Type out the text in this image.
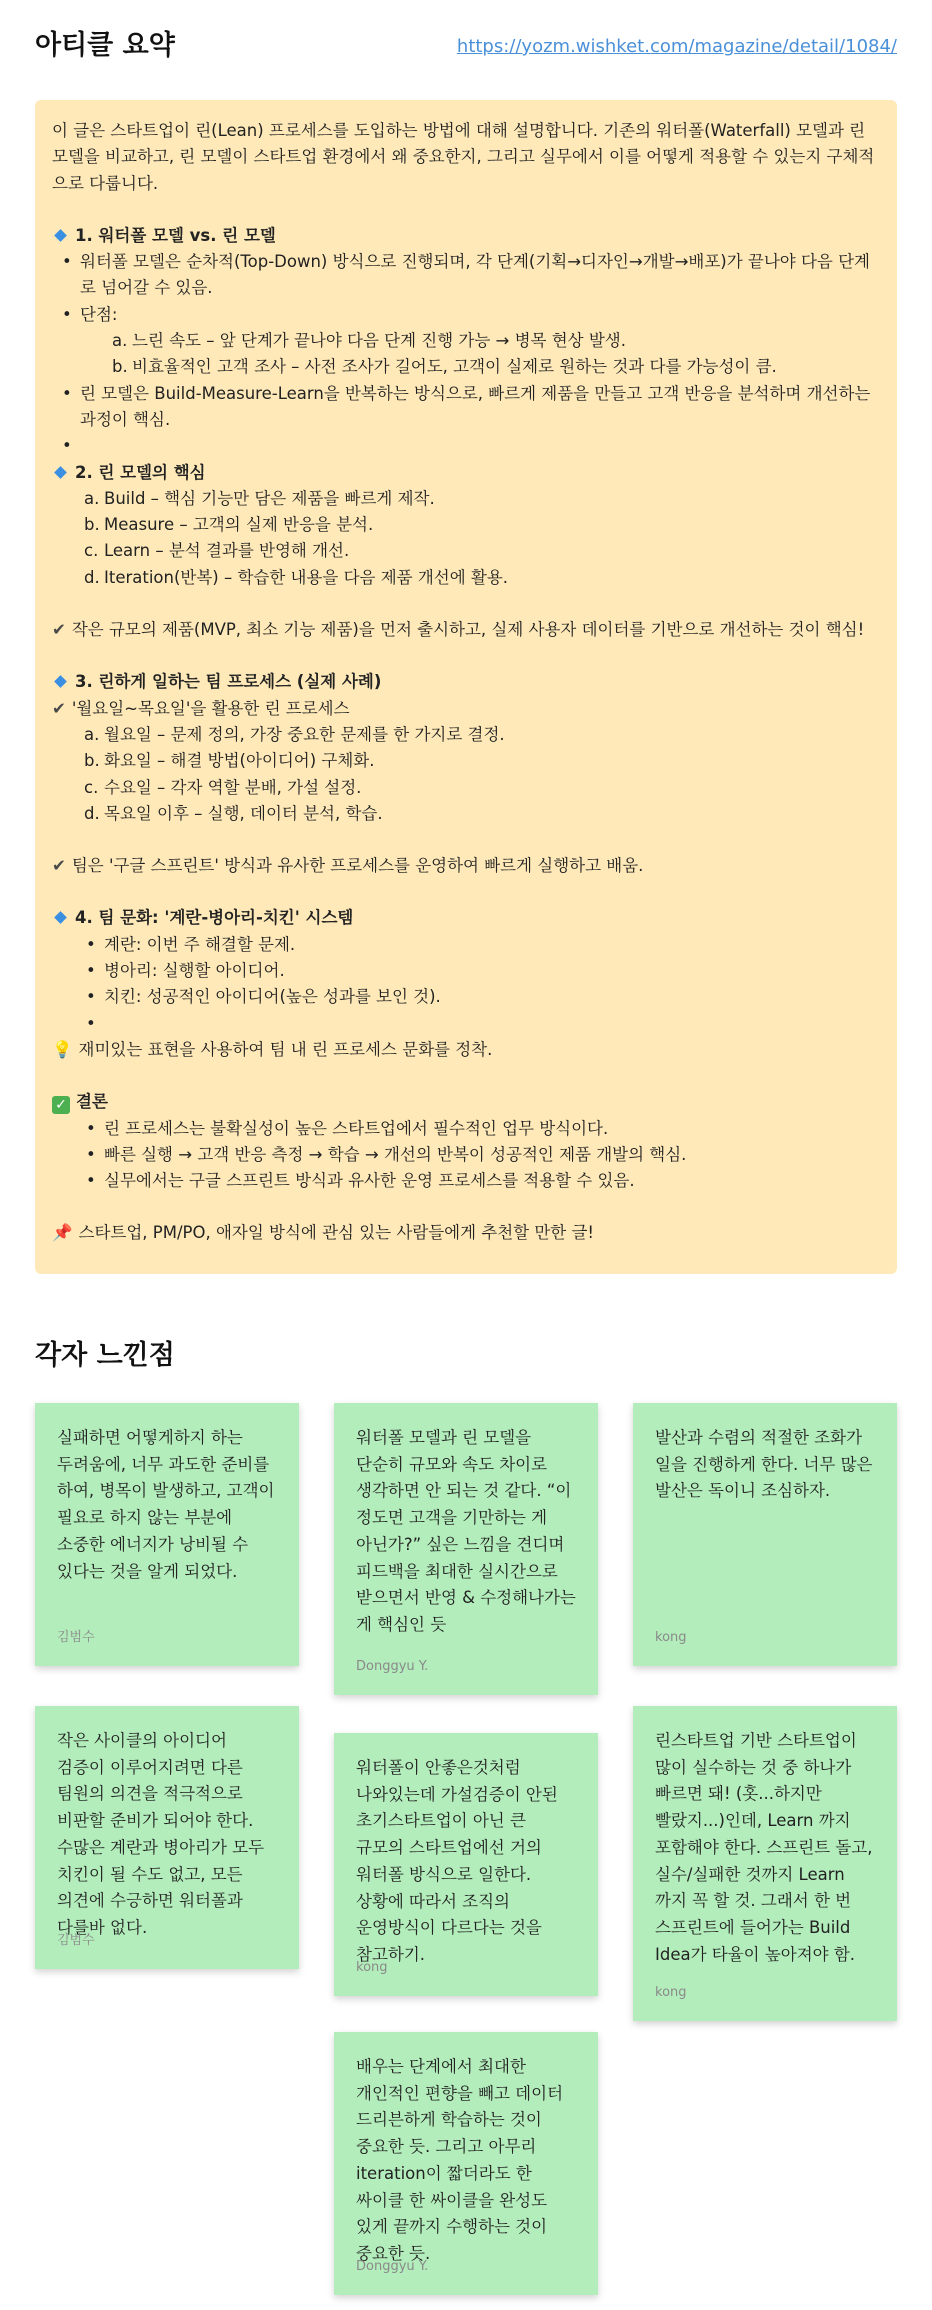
아티클 요약	https://yozm.wishket.com/magazine/detail/1084/

이 글은 스타트업이 린(Lean) 프로세스를 도입하는 방법에 대해 설명합니다. 기존의 워터폴(Waterfall) 모델과 린 모델을 비교하고, 린 모델이 스타트업 환경에서 왜 중요한지, 그리고 실무에서 이를 어떻게 적용할 수 있는지 구체적으로 다룹니다.

1. 워터폴 모델 vs. 린 모델

• 워터폴 모델은 순차적(Top-Down) 방식으로 진행되며, 각 단계(기획→디자인→개발→배포)가 끝나야 다음 단계로 넘어갈 수 있음.
• 단점:
a. 느린 속도 – 앞 단계가 끝나야 다음 단계 진행 가능 → 병목 현상 발생.
b. 비효율적인 고객 조사 – 사전 조사가 길어도, 고객이 실제로 원하는 것과 다를 가능성이 큼.
• 린 모델은 Build-Measure-Learn을 반복하는 방식으로, 빠르게 제품을 만들고 고객 반응을 분석하며 개선하는 과정이 핵심.
•

2. 린 모델의 핵심

a. Build – 핵심 기능만 담은 제품을 빠르게 제작.
b. Measure – 고객의 실제 반응을 분석.
c. Learn – 분석 결과를 반영해 개선.
d. Iteration(반복) – 학습한 내용을 다음 제품 개선에 활용.

✔ 작은 규모의 제품(MVP, 최소 기능 제품)을 먼저 출시하고, 실제 사용자 데이터를 기반으로 개선하는 것이 핵심!

3. 린하게 일하는 팀 프로세스 (실제 사례)

✔ '월요일~목요일'을 활용한 린 프로세스

a. 월요일 – 문제 정의, 가장 중요한 문제를 한 가지로 결정.
b. 화요일 – 해결 방법(아이디어) 구체화.
c. 수요일 – 각자 역할 분배, 가설 설정.
d. 목요일 이후 – 실행, 데이터 분석, 학습.

✔ 팀은 '구글 스프린트' 방식과 유사한 프로세스를 운영하여 빠르게 실행하고 배움.

4. 팀 문화: '계란-병아리-치킨' 시스템

• 계란: 이번 주 해결할 문제.
• 병아리: 실행할 아이디어.
• 치킨: 성공적인 아이디어(높은 성과를 보인 것).
•

💡 재미있는 표현을 사용하여 팀 내 린 프로세스 문화를 정착.

✓ 결론

• 린 프로세스는 불확실성이 높은 스타트업에서 필수적인 업무 방식이다.
• 빠른 실행 → 고객 반응 측정 → 학습 → 개선의 반복이 성공적인 제품 개발의 핵심.
• 실무에서는 구글 스프린트 방식과 유사한 운영 프로세스를 적용할 수 있음.

📌 스타트업, PM/PO, 애자일 방식에 관심 있는 사람들에게 추천할 만한 글!

각자 느낀점

실패하면 어떻게하지 하는 두려움에, 너무 과도한 준비를 하여, 병목이 발생하고, 고객이 필요로 하지 않는 부분에 소중한 에너지가 낭비될 수 있다는 것을 알게 되었다.

김범수

워터폴 모델과 린 모델을 단순히 규모와 속도 차이로 생각하면 안 되는 것 같다. “이 정도면 고객을 기만하는 게 아닌가?” 싶은 느낌을 견디며 피드백을 최대한 실시간으로 받으면서 반영 & 수정해나가는 게 핵심인 듯

Donggyu Y.

발산과 수렴의 적절한 조화가 일을 진행하게 한다. 너무 많은 발산은 독이니 조심하자.

kong

작은 사이클의 아이디어 검증이 이루어지려면 다른 팀원의 의견을 적극적으로 비판할 준비가 되어야 한다. 수많은 계란과 병아리가 모두 치킨이 될 수도 없고, 모든 의견에 수긍하면 워터폴과 다를바 없다.

김범수

워터폴이 안좋은것처럼 나와있는데 가설검증이 안된 초기스타트업이 아닌 큰 규모의 스타트업에선 거의 워터폴 방식으로 일한다. 상황에 따라서 조직의 운영방식이 다르다는 것을 참고하기.

kong

린스타트업 기반 스타트업이 많이 실수하는 것 중 하나가 빠르면 돼! (홋...하지만 빨랐지...)인데, Learn 까지 포함해야 한다. 스프린트 돌고, 실수/실패한 것까지 Learn 까지 꼭 할 것. 그래서 한 번 스프린트에 들어가는 Build Idea가 타율이 높아져야 함.

kong

배우는 단계에서 최대한 개인적인 편향을 빼고 데이터 드리븐하게 학습하는 것이 중요한 듯. 그리고 아무리 iteration이 짧더라도 한 싸이클 한 싸이클을 완성도 있게 끝까지 수행하는 것이 중요한 듯.

Donggyu Y.
